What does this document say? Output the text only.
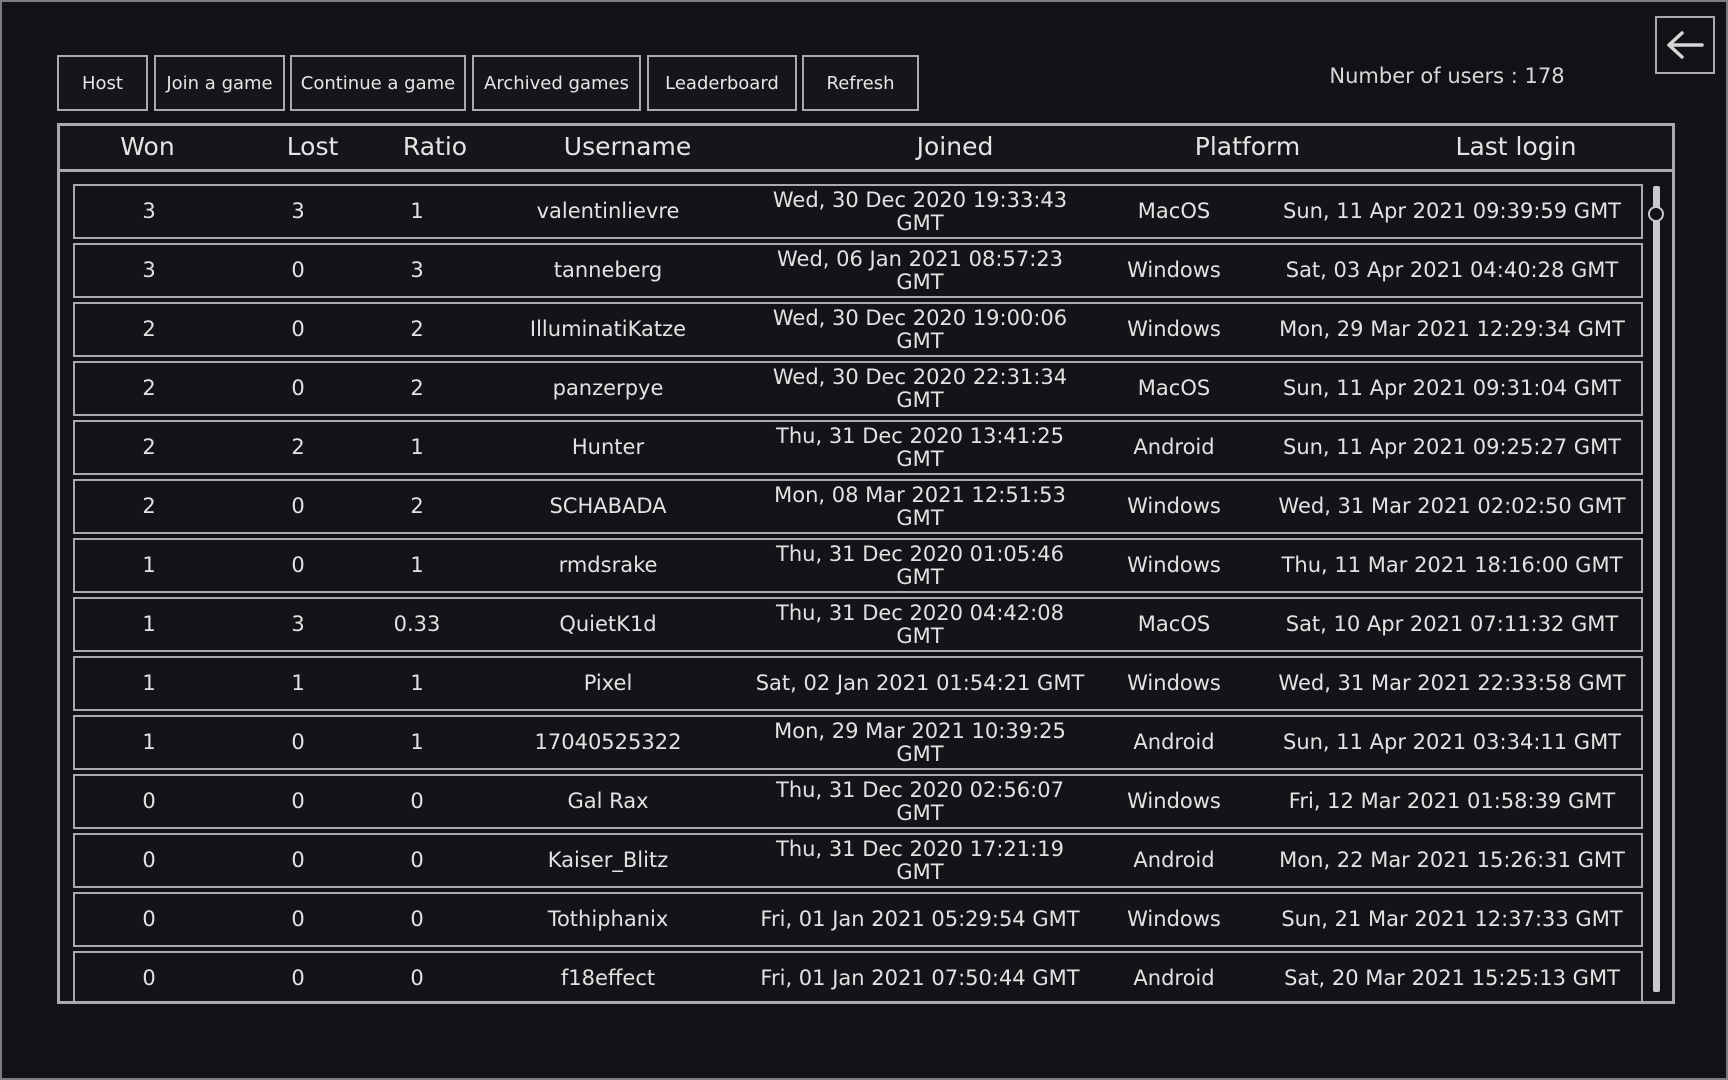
Host	Join a game	Continue a game	Archived games	Leaderboard	Refresh	Number of users : 178
Won	Lost	Ratio	Username	Joined	Platform	Last login
3	3	1	valentinlievre	Wed, 30 Dec 2020 19:33:43 GMT	MacOS	Sun, 11 Apr 2021 09:39:59 GMT
3	0	3	tanneberg	Wed, 06 Jan 2021 08:57:23 GMT	Windows	Sat, 03 Apr 2021 04:40:28 GMT
2	0	2	IlluminatiKatze	Wed, 30 Dec 2020 19:00:06 GMT	Windows	Mon, 29 Mar 2021 12:29:34 GMT
2	0	2	panzerpye	Wed, 30 Dec 2020 22:31:34 GMT	MacOS	Sun, 11 Apr 2021 09:31:04 GMT
2	2	1	Hunter	Thu, 31 Dec 2020 13:41:25 GMT	Android	Sun, 11 Apr 2021 09:25:27 GMT
2	0	2	SCHABADA	Mon, 08 Mar 2021 12:51:53 GMT	Windows	Wed, 31 Mar 2021 02:02:50 GMT
1	0	1	rmdsrake	Thu, 31 Dec 2020 01:05:46 GMT	Windows	Thu, 11 Mar 2021 18:16:00 GMT
1	3	0.33	QuietK1d	Thu, 31 Dec 2020 04:42:08 GMT	MacOS	Sat, 10 Apr 2021 07:11:32 GMT
1	1	1	Pixel	Sat, 02 Jan 2021 01:54:21 GMT	Windows	Wed, 31 Mar 2021 22:33:58 GMT
1	0	1	17040525322	Mon, 29 Mar 2021 10:39:25 GMT	Android	Sun, 11 Apr 2021 03:34:11 GMT
0	0	0	Gal Rax	Thu, 31 Dec 2020 02:56:07 GMT	Windows	Fri, 12 Mar 2021 01:58:39 GMT
0	0	0	Kaiser_Blitz	Thu, 31 Dec 2020 17:21:19 GMT	Android	Mon, 22 Mar 2021 15:26:31 GMT
0	0	0	Tothiphanix	Fri, 01 Jan 2021 05:29:54 GMT	Windows	Sun, 21 Mar 2021 12:37:33 GMT
0	0	0	f18effect	Fri, 01 Jan 2021 07:50:44 GMT	Android	Sat, 20 Mar 2021 15:25:13 GMT
